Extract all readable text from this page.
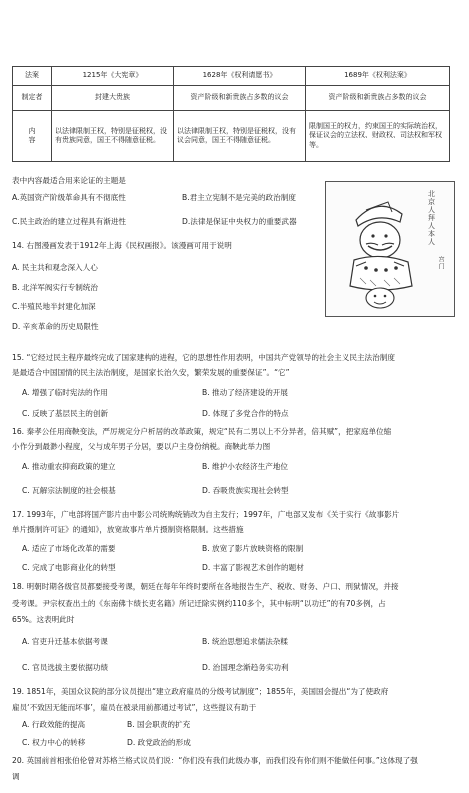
法案	1215年《大宪章》	1628年《权利请愿书》	1689年《权利法案》
制定者	封建大贵族	资产阶级和新贵族占多数的议会	资产阶级和新贵族占多数的议会

内
容	以法律限制王权，特别是征税权，没有贵族同意，国王不得随意征税。	以法律限制王权，特别是征税权，没有议会同意，国王不得随意征税。	限制国王的权力，约束国王的实际统治权，保证议会的立法权、财政权、司法权和军权等。
表中内容最适合用来论证的主题是
A.英国资产阶级革命具有不彻底性	B.君主立宪制不是完美的政治制度
C.民主政治的建立过程具有渐进性	D.法律是保证中央权力的重要武器
14. 右图漫画发表于1912年上海《民权画报》。该漫画可用于说明
A. 民主共和观念深入人心
B. 北洋军阀实行专制统治
C.半殖民地半封建化加深
D. 辛亥革命的历史局限性
15. “它经过民主程序最终完成了国家建构的进程，它的思想性作用表明，中国共产党领导的社会主义民主法治制度
是最适合中国国情的民主法治制度，是国家长治久安，繁荣发展的重要保证”。“它”
A. 增强了临时宪法的作用	B. 推动了经济建设的开展
C. 反映了基层民主的创新	D. 体现了多党合作的特点
16. 秦孝公任用商鞅变法，严厉规定分户析居的改革政策，规定“民有二男以上不分异者，倍其赋”，把家庭单位缩
小作分到最渺小程度，父与成年男子分居，要以户主身份纳税。商鞅此举力图
A. 推动重农抑商政策的建立	B. 维护小农经济生产地位
C. 瓦解宗法制度的社会根基	D. 吞吸贵族实现社会转型
17. 1993年，广电部将国产影片由中影公司统购统销改为自主发行；1997年，广电部又发布《关于实行《故事影片
单片摄制许可证》的通知》，放宽故事片单片摄制资格限制。这些措施
A. 适应了市场化改革的需要	B. 放宽了影片放映资格的限制
C. 完成了电影商业化的转型	D. 丰富了影视艺术创作的题材
18. 明朝时期各级官员都要接受考课，朝廷在每年年终时要所在各地报告生产、税收、财务、户口、刑狱情况，并接
受考课。尹宗权查出土的《东南佛卞绩长吏名籍》所记迁除实例约110多个，其中标明“以功迁”的有70多例，占
65%。这表明此时
A. 官吏升迁基本依据考课	B. 统治思想追求儒法杂糅
C. 官员选拔主要依据功绩	D. 治国理念渐趋务实功利
19. 1851年，美国众议院的部分议员提出“建立政府雇员的分级考试制度”；1855年，美国国会提出“为了使政府
雇员‘不致因无能而坏事’，雇员在被录用前都通过考试”，这些提议有助于
A. 行政效能的提高	B. 国会职责的扩充
C. 权力中心的转移	D. 政党政治的形成
20. 英国前首相张伯伦曾对苏格兰格式议员们说：“你们没有我们此级办事，而我们没有你们则不能做任何事。”这体现了强
调
北京人拜人本人
宫门
